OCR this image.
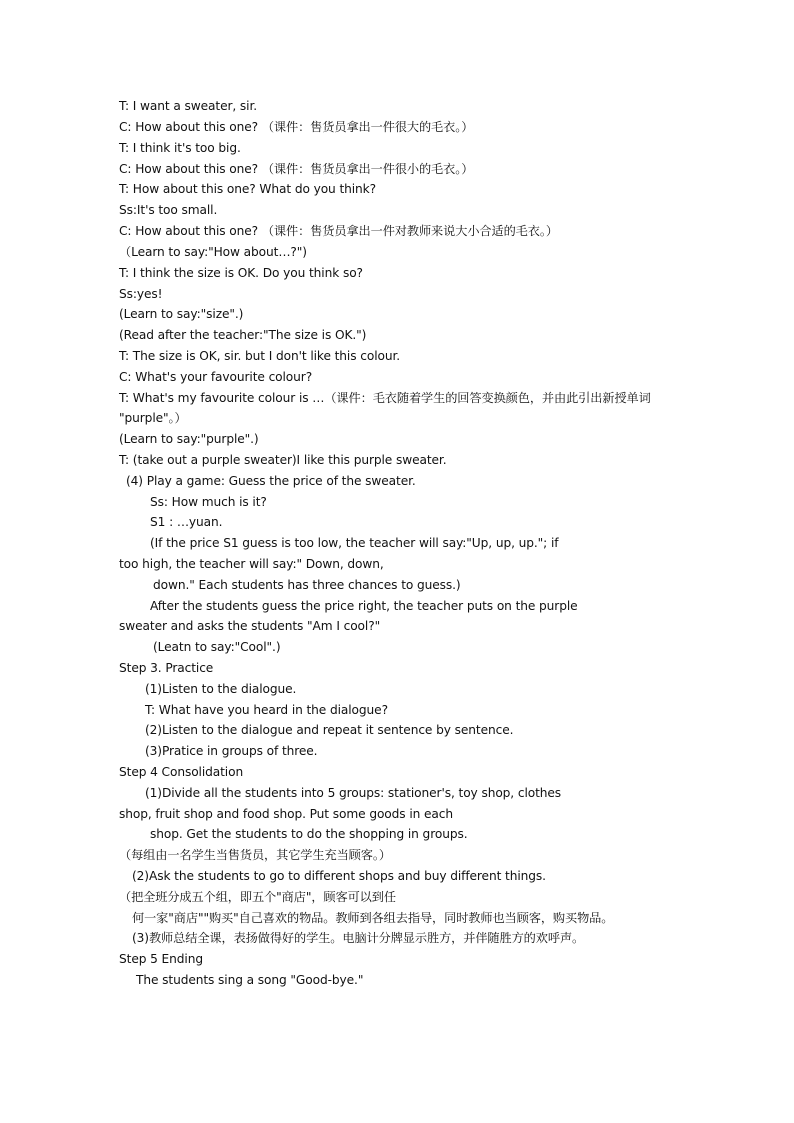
T: I want a sweater, sir.
C: How about this one? （课件：售货员拿出一件很大的毛衣。）
T: I think it's too big.
C: How about this one? （课件：售货员拿出一件很小的毛衣。）
T: How about this one? What do you think?
Ss:It's too small.
C: How about this one? （课件：售货员拿出一件对教师来说大小合适的毛衣。）
（Learn to say:"How about…?")
T: I think the size is OK. Do you think so?
Ss:yes!
(Learn to say:"size".)
(Read after the teacher:"The size is OK.")
T: The size is OK, sir. but I don't like this colour.
C: What's your favourite colour?
T: What's my favourite colour is …（课件：毛衣随着学生的回答变换颜色，并由此引出新授单词
"purple"。）
(Learn to say:"purple".)
T: (take out a purple sweater)I like this purple sweater.
(4) Play a game: Guess the price of the sweater.
Ss: How much is it?
S1 : …yuan.
(If the price S1 guess is too low, the teacher will say:"Up, up, up."; if
too high, the teacher will say:" Down, down,
down." Each students has three chances to guess.)
After the students guess the price right, the teacher puts on the purple
sweater and asks the students "Am I cool?"
(Leatn to say:"Cool".)
Step 3. Practice
(1)Listen to the dialogue.
T: What have you heard in the dialogue?
(2)Listen to the dialogue and repeat it sentence by sentence.
(3)Pratice in groups of three.
Step 4 Consolidation
(1)Divide all the students into 5 groups: stationer's, toy shop, clothes
shop, fruit shop and food shop. Put some goods in each
shop. Get the students to do the shopping in groups.
（每组由一名学生当售货员，其它学生充当顾客。）
(2)Ask the students to go to different shops and buy different things.
（把全班分成五个组，即五个"商店"，顾客可以到任
何一家"商店""购买"自己喜欢的物品。教师到各组去指导，同时教师也当顾客，购买物品。
(3)教师总结全课，表扬做得好的学生。电脑计分牌显示胜方，并伴随胜方的欢呼声。
Step 5 Ending
The students sing a song "Good-bye."
